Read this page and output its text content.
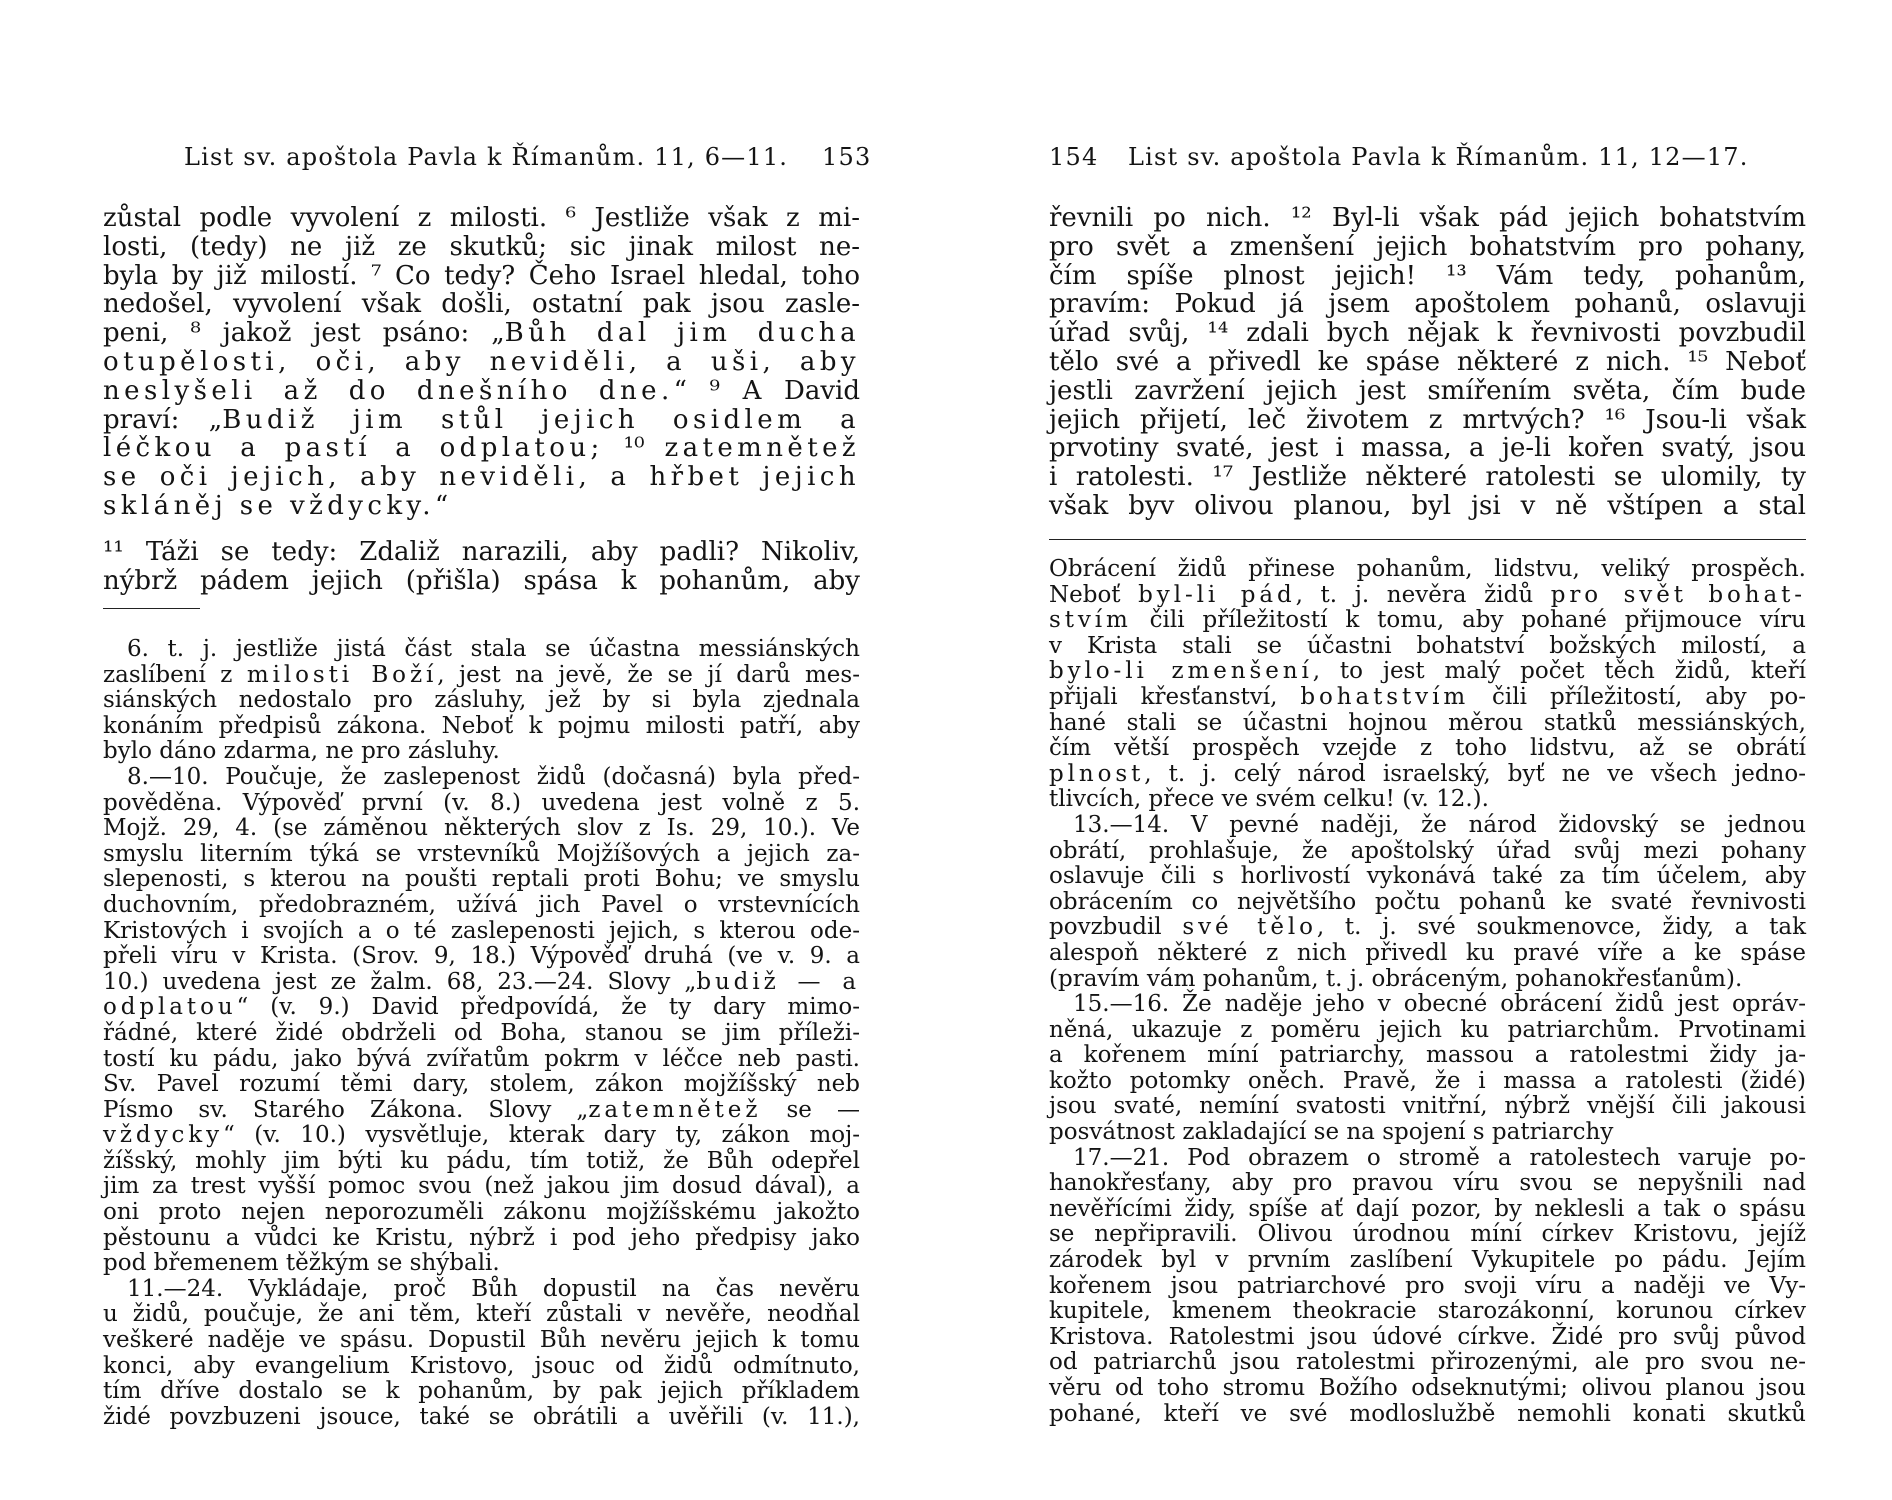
List sv. apoštola Pavla k Římanům. 11, 6—11. 153
zůstal podle vyvolení z milosti. ⁶ Jestliže však z mi-
losti, (tedy) ne již ze skutků; sic jinak milost ne-
byla by již milostí. ⁷ Co tedy? Čeho Israel hledal, toho
nedošel, vyvolení však došli, ostatní pak jsou zasle-
peni, ⁸ jakož jest psáno: „Bůh dal jim ducha
otupělosti, oči, aby neviděli, a uši, aby
neslyšeli až do dnešního dne.“ ⁹ A David
praví: „Budiž jim stůl jejich osidlem a
léčkou a pastí a odplatou; ¹⁰ zatemnětež
se oči jejich, aby neviděli, a hřbet jejich
skláněj se vždycky.“
¹¹ Táži se tedy: Zdaliž narazili, aby padli? Nikoliv,
nýbrž pádem jejich (přišla) spása k pohanům, aby
6. t. j. jestliže jistá část stala se účastna messiánských
zaslíbení z milosti Boží, jest na jevě, že se jí darů mes-
siánských nedostalo pro zásluhy, jež by si byla zjednala
konáním předpisů zákona. Neboť k pojmu milosti patří, aby
bylo dáno zdarma, ne pro zásluhy.
8.—10. Poučuje, že zaslepenost židů (dočasná) byla před-
pověděna. Výpověď první (v. 8.) uvedena jest volně z 5.
Mojž. 29, 4. (se záměnou některých slov z Is. 29, 10.). Ve
smyslu literním týká se vrstevníků Mojžíšových a jejich za-
slepenosti, s kterou na poušti reptali proti Bohu; ve smyslu
duchovním, předobrazném, užívá jich Pavel o vrstevnících
Kristových i svojích a o té zaslepenosti jejich, s kterou ode-
přeli víru v Krista. (Srov. 9, 18.) Výpověď druhá (ve v. 9. a
10.) uvedena jest ze žalm. 68, 23.—24. Slovy „budiž — a
odplatou“ (v. 9.) David předpovídá, že ty dary mimo-
řádné, které židé obdrželi od Boha, stanou se jim příleži-
tostí ku pádu, jako bývá zvířatům pokrm v léčce neb pasti.
Sv. Pavel rozumí těmi dary, stolem, zákon mojžíšský neb
Písmo sv. Starého Zákona. Slovy „zatemnětež se —
vždycky“ (v. 10.) vysvětluje, kterak dary ty, zákon moj-
žíšský, mohly jim býti ku pádu, tím totiž, že Bůh odepřel
jim za trest vyšší pomoc svou (než jakou jim dosud dával), a
oni proto nejen neporozuměli zákonu mojžíšskému jakožto
pěstounu a vůdci ke Kristu, nýbrž i pod jeho předpisy jako
pod břemenem těžkým se shýbali.
11.—24. Vykládaje, proč Bůh dopustil na čas nevěru
u židů, poučuje, že ani těm, kteří zůstali v nevěře, neodňal
veškeré naděje ve spásu. Dopustil Bůh nevěru jejich k tomu
konci, aby evangelium Kristovo, jsouc od židů odmítnuto,
tím dříve dostalo se k pohanům, by pak jejich příkladem
židé povzbuzeni jsouce, také se obrátili a uvěřili (v. 11.),
154 List sv. apoštola Pavla k Římanům. 11, 12—17.
řevnili po nich. ¹² Byl-li však pád jejich bohatstvím
pro svět a zmenšení jejich bohatstvím pro pohany,
čím spíše plnost jejich! ¹³ Vám tedy, pohanům,
pravím: Pokud já jsem apoštolem pohanů, oslavuji
úřad svůj, ¹⁴ zdali bych nějak k řevnivosti povzbudil
tělo své a přivedl ke spáse některé z nich. ¹⁵ Neboť
jestli zavržení jejich jest smířením světa, čím bude
jejich přijetí, leč životem z mrtvých? ¹⁶ Jsou-li však
prvotiny svaté, jest i massa, a je-li kořen svatý, jsou
i ratolesti. ¹⁷ Jestliže některé ratolesti se ulomily, ty
však byv olivou planou, byl jsi v ně vštípen a stal
Obrácení židů přinese pohanům, lidstvu, veliký prospěch.
Neboť byl-li pád, t. j. nevěra židů pro svět bohat-
stvím čili příležitostí k tomu, aby pohané přijmouce víru
v Krista stali se účastni bohatství božských milostí, a
bylo-li zmenšení, to jest malý počet těch židů, kteří
přijali křesťanství, bohatstvím čili příležitostí, aby po-
hané stali se účastni hojnou měrou statků messiánských,
čím větší prospěch vzejde z toho lidstvu, až se obrátí
plnost, t. j. celý národ israelský, byť ne ve všech jedno-
tlivcích, přece ve svém celku! (v. 12.).
13.—14. V pevné naději, že národ židovský se jednou
obrátí, prohlašuje, že apoštolský úřad svůj mezi pohany
oslavuje čili s horlivostí vykonává také za tím účelem, aby
obrácením co největšího počtu pohanů ke svaté řevnivosti
povzbudil své tělo, t. j. své soukmenovce, židy, a tak
alespoň některé z nich přivedl ku pravé víře a ke spáse
(pravím vám pohanům, t. j. obráceným, pohanokřesťanům).
15.—16. Že naděje jeho v obecné obrácení židů jest opráv-
něná, ukazuje z poměru jejich ku patriarchům. Prvotinami
a kořenem míní patriarchy, massou a ratolestmi židy ja-
kožto potomky oněch. Pravě, že i massa a ratolesti (židé)
jsou svaté, nemíní svatosti vnitřní, nýbrž vnější čili jakousi
posvátnost zakladající se na spojení s patriarchy
17.—21. Pod obrazem o stromě a ratolestech varuje po-
hanokřesťany, aby pro pravou víru svou se nepyšnili nad
nevěřícími židy, spíše ať dají pozor, by neklesli a tak o spásu
se nepřipravili. Olivou úrodnou míní církev Kristovu, jejíž
zárodek byl v prvním zaslíbení Vykupitele po pádu. Jejím
kořenem jsou patriarchové pro svoji víru a naději ve Vy-
kupitele, kmenem theokracie starozákonní, korunou církev
Kristova. Ratolestmi jsou údové církve. Židé pro svůj původ
od patriarchů jsou ratolestmi přirozenými, ale pro svou ne-
věru od toho stromu Božího odseknutými; olivou planou jsou
pohané, kteří ve své modloslužbě nemohli konati skutků
